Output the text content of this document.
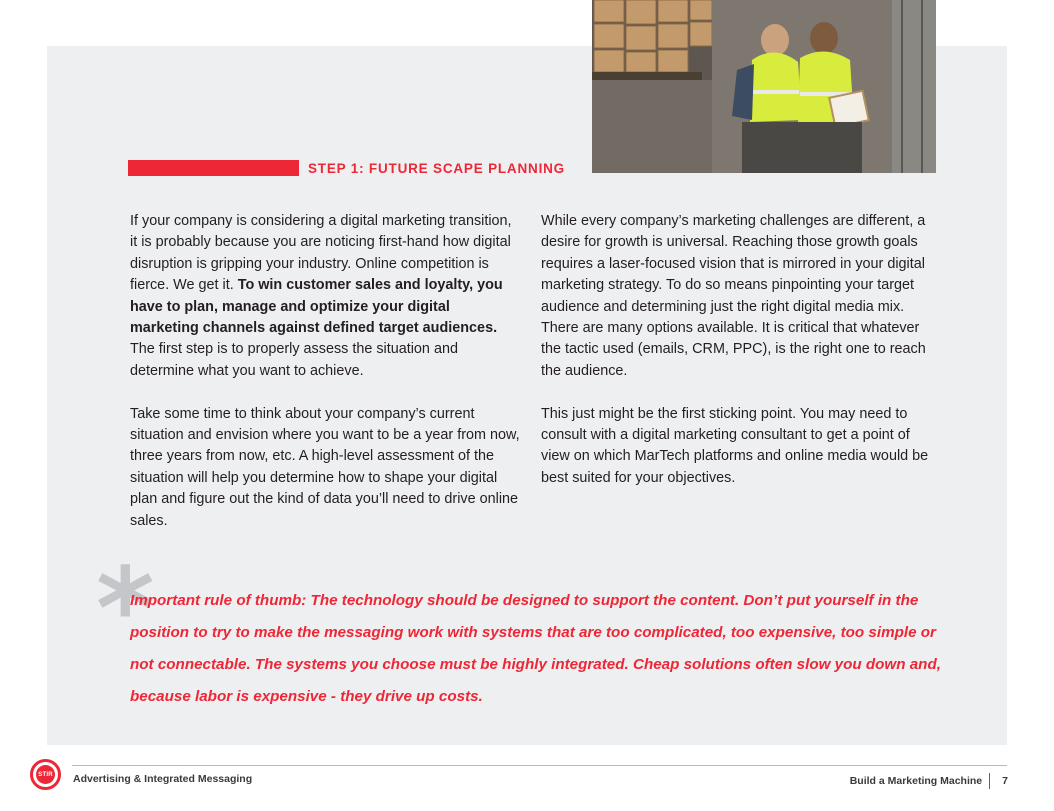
STEP 1: FUTURE SCAPE PLANNING

If your company is considering a digital marketing transition, it is probably because you are noticing first-hand how digital disruption is gripping your industry. Online competition is fierce. We get it. To win customer sales and loyalty, you have to plan, manage and optimize your digital marketing channels against defined target audiences. The first step is to properly assess the situation and determine what you want to achieve.

Take some time to think about your company’s current situation and envision where you want to be a year from now, three years from now, etc. A high-level assessment of the situation will help you determine how to shape your digital plan and figure out the kind of data you’ll need to drive online sales.

While every company’s marketing challenges are different, a desire for growth is universal. Reaching those growth goals requires a laser-focused vision that is mirrored in your digital marketing strategy. To do so means pinpointing your target audience and determining just the right digital media mix. There are many options available. It is critical that whatever the tactic used (emails, CRM, PPC), is the right one to reach the audience.

This just might be the first sticking point. You may need to consult with a digital marketing consultant to get a point of view on which MarTech platforms and online media would be best suited for your objectives.

*
Important rule of thumb: The technology should be designed to support the content. Don’t put yourself in the position to try to make the messaging work with systems that are too complicated, too expensive, too simple or not connectable. The systems you choose must be highly integrated. Cheap solutions often slow you down and, because labor is expensive - they drive up costs.
STIR Advertising & Integrated Messaging	Build a Marketing Machine 7
